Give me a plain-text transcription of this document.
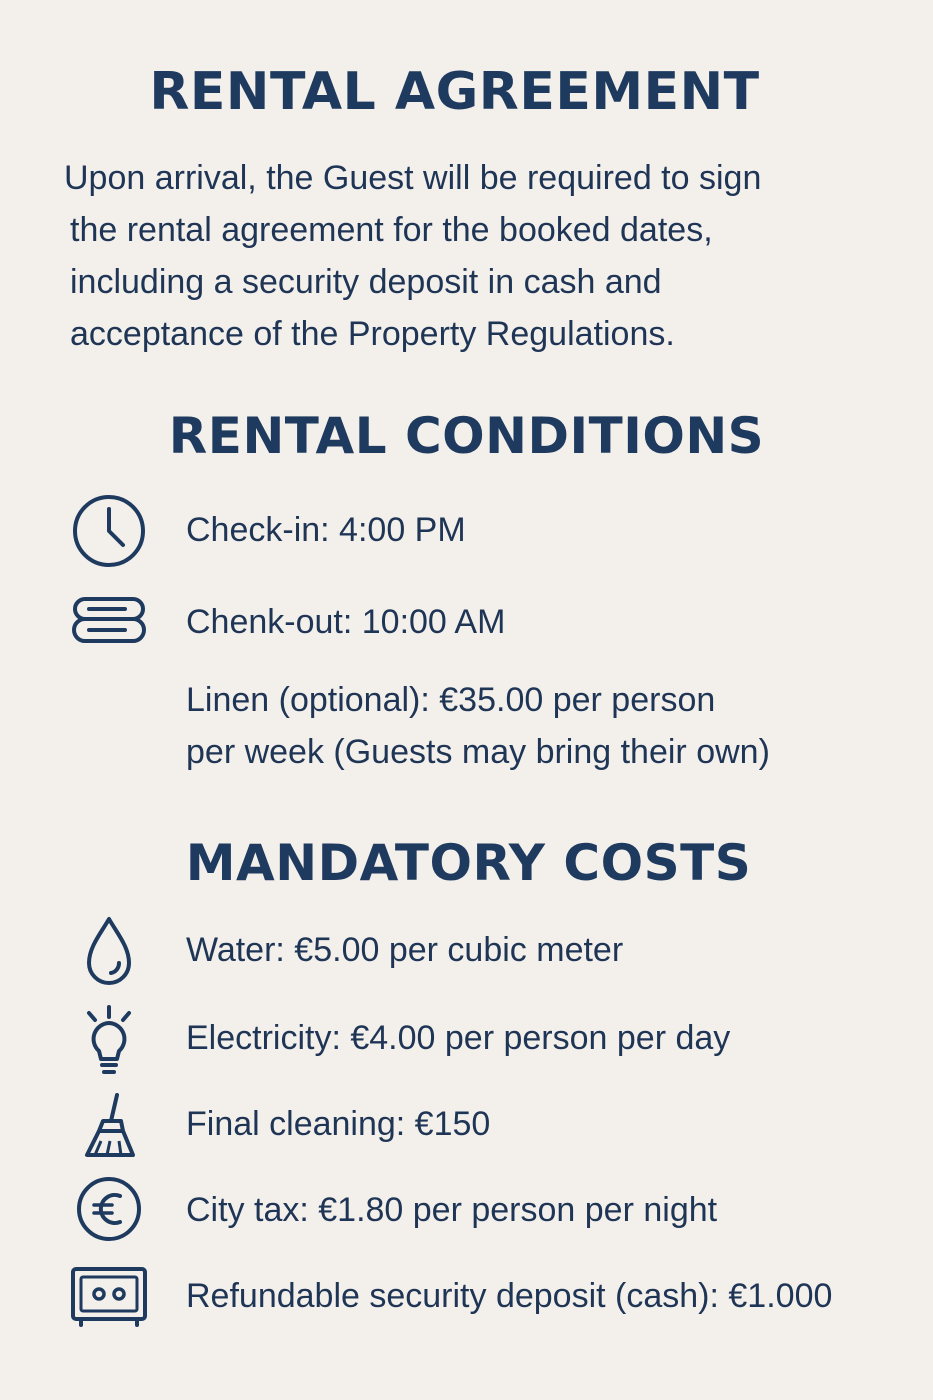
RENTAL AGREEMENT

Upon arrival, the Guest will be required to sign
the rental agreement for the booked dates,
including a security deposit in cash and
acceptance of the Property Regulations.

RENTAL CONDITIONS
Check-in: 4:00 PM
Chenk-out: 10:00 AM
Linen (optional): €35.00 per person
per week (Guests may bring their own)
MANDATORY COSTS
Water: €5.00 per cubic meter
Electricity: €4.00 per person per day
Final cleaning: €150
City tax: €1.80 per person per night
Refundable security deposit (cash): €1.000
